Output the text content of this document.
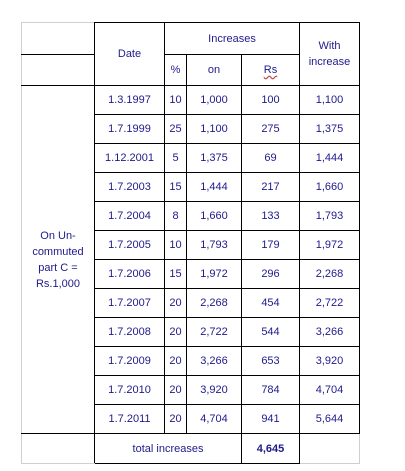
	Date	Increases			With increase
		%	on	Rs	
On Un-
commuted
part C =
Rs.1,000	1.3.1997	10	1,000	100	1,100
	1.7.1999	25	1,100	275	1,375
	1.12.2001	5	1,375	69	1,444
	1.7.2003	15	1,444	217	1,660
	1.7.2004	8	1,660	133	1,793
	1.7.2005	10	1,793	179	1,972
	1.7.2006	15	1,972	296	2,268
	1.7.2007	20	2,268	454	2,722
	1.7.2008	20	2,722	544	3,266
	1.7.2009	20	3,266	653	3,920
	1.7.2010	20	3,920	784	4,704
	1.7.2011	20	4,704	941	5,644
	total increases			4,645	
